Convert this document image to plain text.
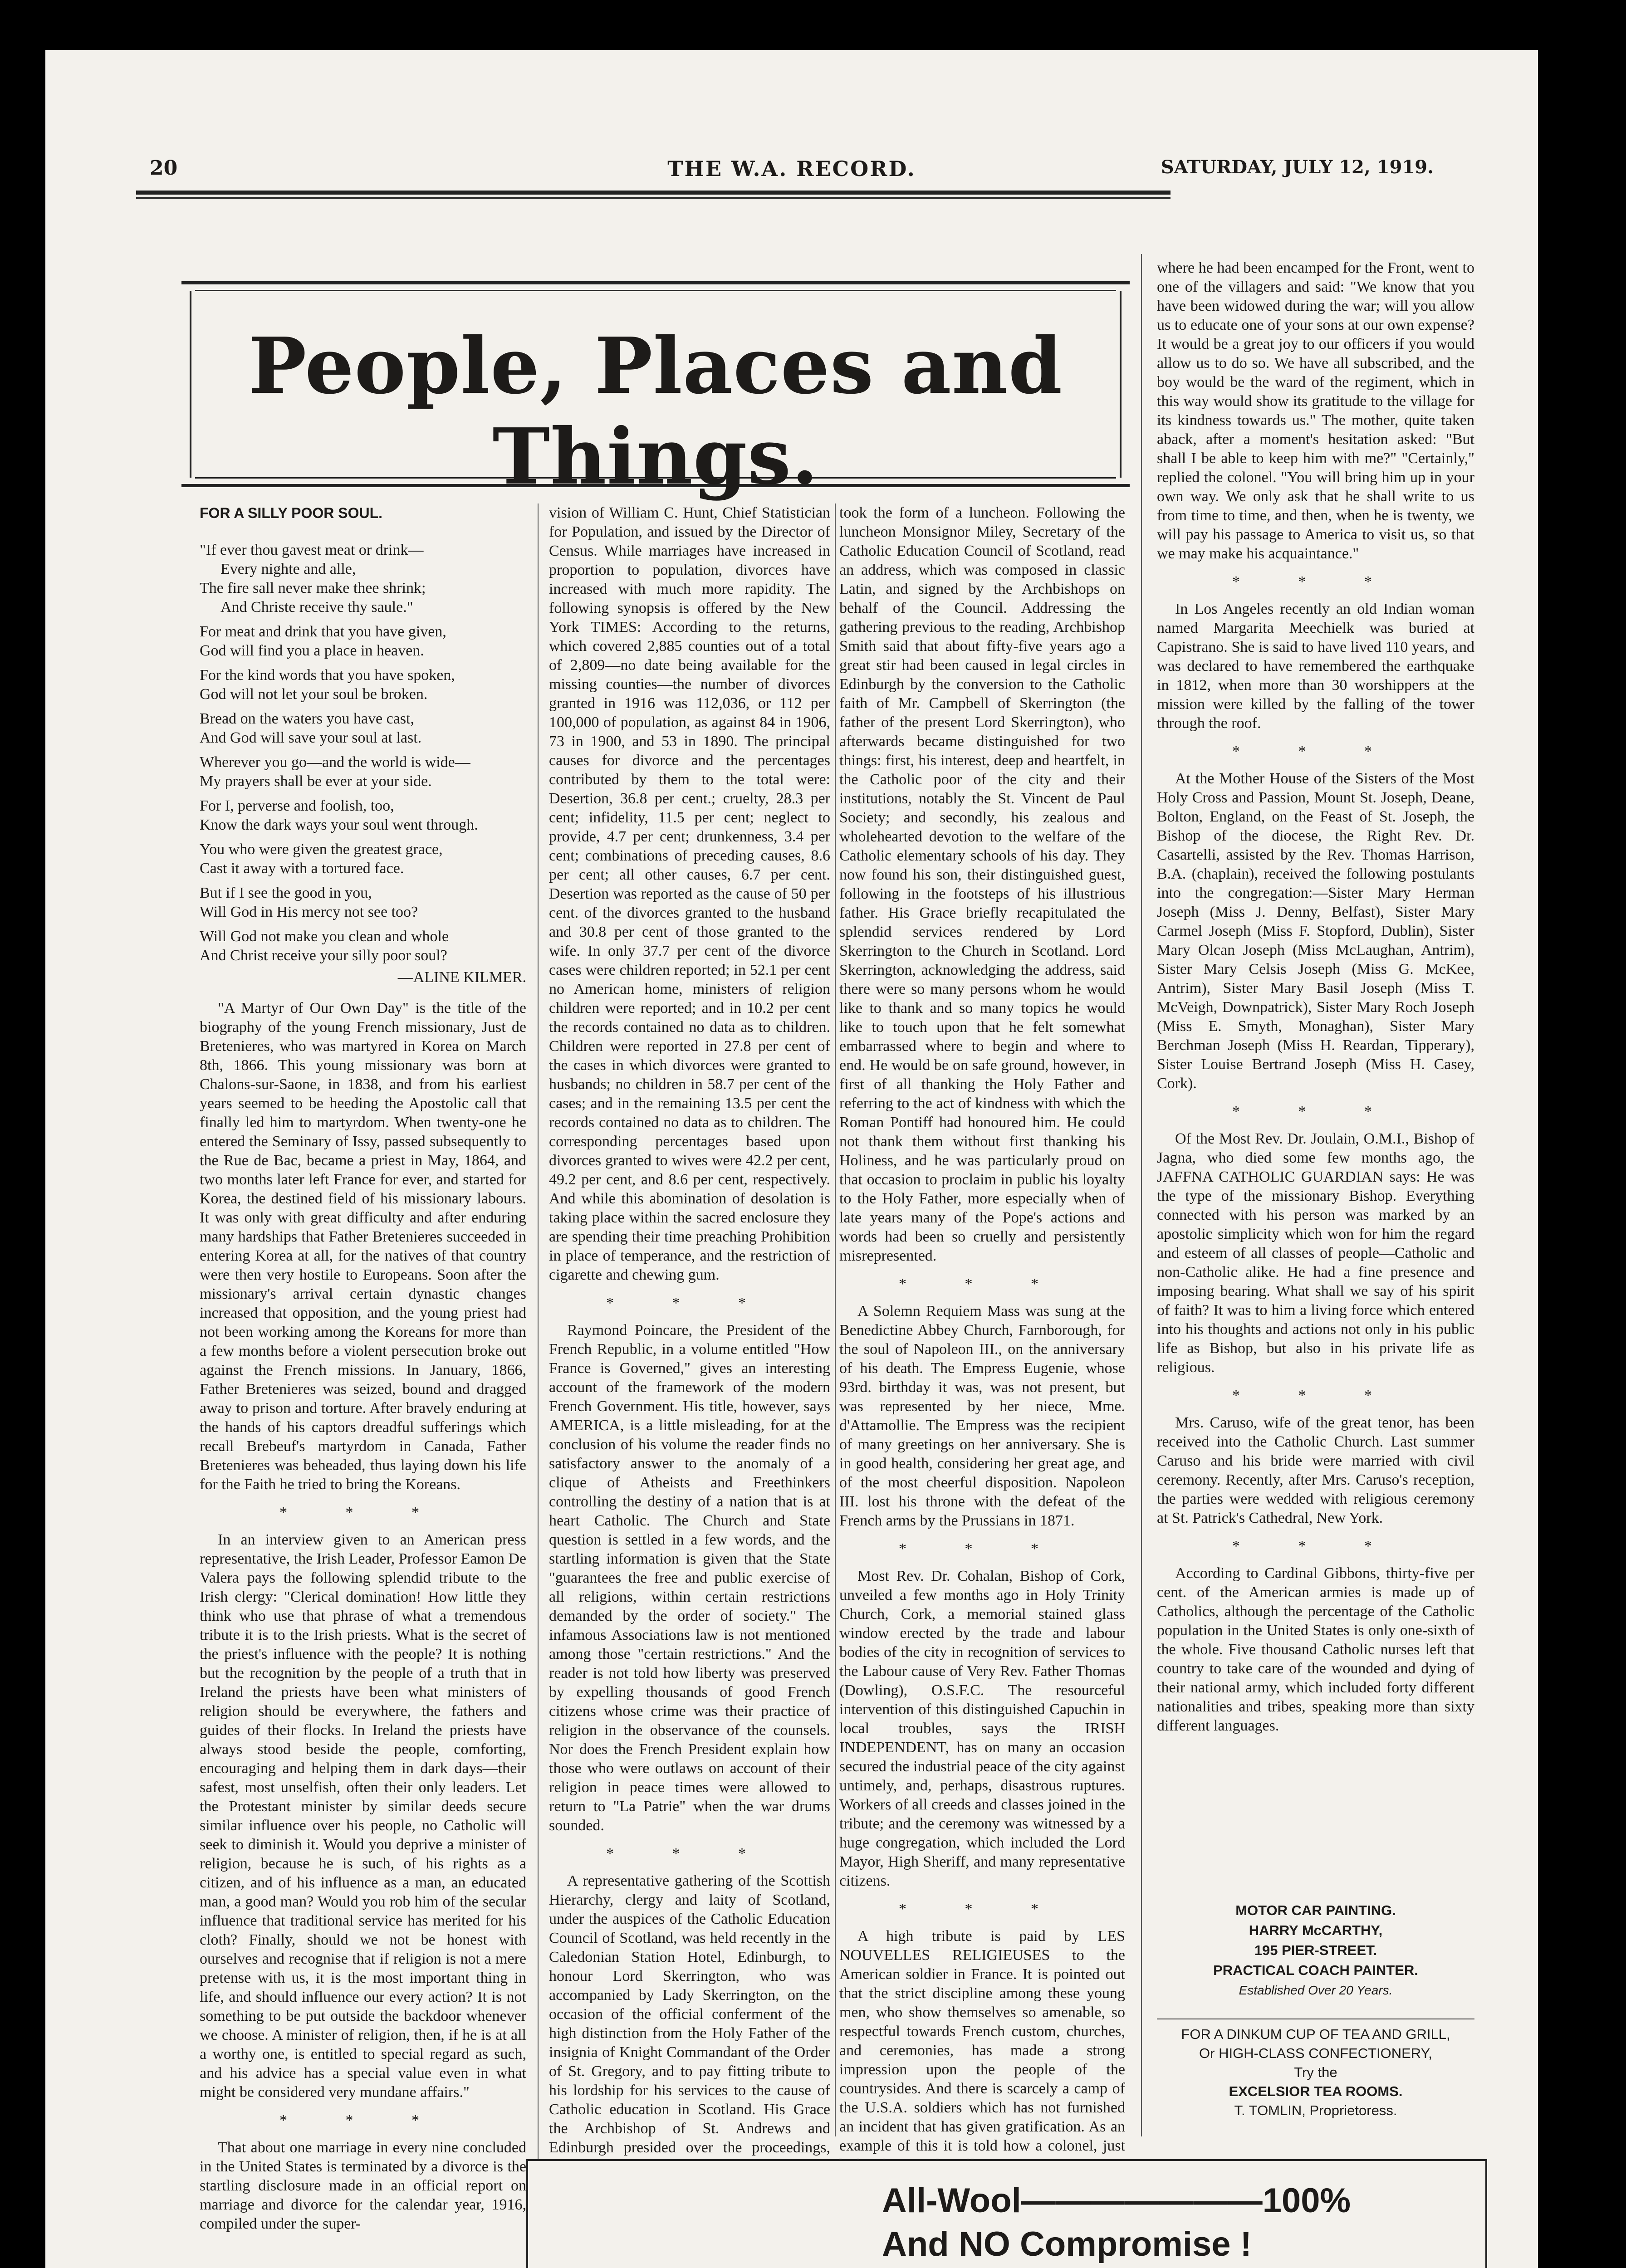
20	THE W.A. RECORD.	SATURDAY, JULY 12, 1919.
People, Places and Things.
FOR A SILLY POOR SOUL.
"If ever thou gavest meat or drink—
Every nighte and alle,
The fire sall never make thee shrink;
And Christe receive thy saule."
For meat and drink that you have given,
God will find you a place in heaven.
For the kind words that you have spoken,
God will not let your soul be broken.
Bread on the waters you have cast,
And God will save your soul at last.
Wherever you go—and the world is wide—
My prayers shall be ever at your side.
For I, perverse and foolish, too,
Know the dark ways your soul went through.
You who were given the greatest grace,
Cast it away with a tortured face.
But if I see the good in you,
Will God in His mercy not see too?
Will God not make you clean and whole
And Christ receive your silly poor soul?
—ALINE KILMER.

"A Martyr of Our Own Day" is the title of the biography of the young French missionary, Just de Bretenieres, who was martyred in Korea on March 8th, 1866. This young missionary was born at Chalons-sur-Saone, in 1838, and from his earliest years seemed to be heeding the Apostolic call that finally led him to martyrdom. When twenty-one he entered the Seminary of Issy, passed subsequently to the Rue de Bac, became a priest in May, 1864, and two months later left France for ever, and started for Korea, the destined field of his missionary labours. It was only with great difficulty and after enduring many hardships that Father Bretenieres succeeded in entering Korea at all, for the natives of that country were then very hostile to Europeans. Soon after the missionary's arrival certain dynastic changes increased that opposition, and the young priest had not been working among the Koreans for more than a few months before a violent persecution broke out against the French missions. In January, 1866, Father Bretenieres was seized, bound and dragged away to prison and torture. After bravely enduring at the hands of his captors dreadful sufferings which recall Brebeuf's martyrdom in Canada, Father Bretenieres was beheaded, thus laying down his life for the Faith he tried to bring the Koreans.

* * *

In an interview given to an American press representative, the Irish Leader, Professor Eamon De Valera pays the following splendid tribute to the Irish clergy: "Clerical domination! How little they think who use that phrase of what a tremendous tribute it is to the Irish priests. What is the secret of the priest's influence with the people? It is nothing but the recognition by the people of a truth that in Ireland the priests have been what ministers of religion should be everywhere, the fathers and guides of their flocks. In Ireland the priests have always stood beside the people, comforting, encouraging and helping them in dark days—their safest, most unselfish, often their only leaders. Let the Protestant minister by similar deeds secure similar influence over his people, no Catholic will seek to diminish it. Would you deprive a minister of religion, because he is such, of his rights as a citizen, and of his influence as a man, an educated man, a good man? Would you rob him of the secular influence that traditional service has merited for his cloth? Finally, should we not be honest with ourselves and recognise that if religion is not a mere pretense with us, it is the most important thing in life, and should influence our every action? It is not something to be put outside the backdoor whenever we choose. A minister of religion, then, if he is at all a worthy one, is entitled to special regard as such, and his advice has a special value even in what might be considered very mundane affairs."

* * *

That about one marriage in every nine concluded in the United States is terminated by a divorce is the startling disclosure made in an official report on marriage and divorce for the calendar year, 1916, compiled under the super-

vision of William C. Hunt, Chief Statistician for Population, and issued by the Director of Census. While marriages have increased in proportion to population, divorces have increased with much more rapidity. The following synopsis is offered by the New York TIMES: According to the returns, which covered 2,885 counties out of a total of 2,809—no date being available for the missing counties—the number of divorces granted in 1916 was 112,036, or 112 per 100,000 of population, as against 84 in 1906, 73 in 1900, and 53 in 1890. The principal causes for divorce and the percentages contributed by them to the total were: Desertion, 36.8 per cent.; cruelty, 28.3 per cent; infidelity, 11.5 per cent; neglect to provide, 4.7 per cent; drunkenness, 3.4 per cent; combinations of preceding causes, 8.6 per cent; all other causes, 6.7 per cent. Desertion was reported as the cause of 50 per cent. of the divorces granted to the husband and 30.8 per cent of those granted to the wife. In only 37.7 per cent of the divorce cases were children reported; in 52.1 per cent no American home, ministers of religion children were reported; and in 10.2 per cent the records contained no data as to children. Children were reported in 27.8 per cent of the cases in which divorces were granted to husbands; no children in 58.7 per cent of the cases; and in the remaining 13.5 per cent the records contained no data as to children. The corresponding percentages based upon divorces granted to wives were 42.2 per cent, 49.2 per cent, and 8.6 per cent, respectively. And while this abomination of desolation is taking place within the sacred enclosure they are spending their time preaching Prohibition in place of temperance, and the restriction of cigarette and chewing gum.

* * *

Raymond Poincare, the President of the French Republic, in a volume entitled "How France is Governed," gives an interesting account of the framework of the modern French Government. His title, however, says AMERICA, is a little misleading, for at the conclusion of his volume the reader finds no satisfactory answer to the anomaly of a clique of Atheists and Freethinkers controlling the destiny of a nation that is at heart Catholic. The Church and State question is settled in a few words, and the startling information is given that the State "guarantees the free and public exercise of all religions, within certain restrictions demanded by the order of society." The infamous Associations law is not mentioned among those "certain restrictions." And the reader is not told how liberty was preserved by expelling thousands of good French citizens whose crime was their practice of religion in the observance of the counsels. Nor does the French President explain how those who were outlaws on account of their religion in peace times were allowed to return to "La Patrie" when the war drums sounded.

* * *

A representative gathering of the Scottish Hierarchy, clergy and laity of Scotland, under the auspices of the Catholic Education Council of Scotland, was held recently in the Caledonian Station Hotel, Edinburgh, to honour Lord Skerrington, who was accompanied by Lady Skerrington, on the occasion of the official conferment of the high distinction from the Holy Father of the insignia of Knight Commandant of the Order of St. Gregory, and to pay fitting tribute to his lordship for his services to the cause of Catholic education in Scotland. His Grace the Archbishop of St. Andrews and Edinburgh presided over the proceedings,

took the form of a luncheon. Following the luncheon Monsignor Miley, Secretary of the Catholic Education Council of Scotland, read an address, which was composed in classic Latin, and signed by the Archbishops on behalf of the Council. Addressing the gathering previous to the reading, Archbishop Smith said that about fifty-five years ago a great stir had been caused in legal circles in Edinburgh by the conversion to the Catholic faith of Mr. Campbell of Skerrington (the father of the present Lord Skerrington), who afterwards became distinguished for two things: first, his interest, deep and heartfelt, in the Catholic poor of the city and their institutions, notably the St. Vincent de Paul Society; and secondly, his zealous and wholehearted devotion to the welfare of the Catholic elementary schools of his day. They now found his son, their distinguished guest, following in the footsteps of his illustrious father. His Grace briefly recapitulated the splendid services rendered by Lord Skerrington to the Church in Scotland. Lord Skerrington, acknowledging the address, said there were so many persons whom he would like to thank and so many topics he would like to touch upon that he felt somewhat embarrassed where to begin and where to end. He would be on safe ground, however, in first of all thanking the Holy Father and referring to the act of kindness with which the Roman Pontiff had honoured him. He could not thank them without first thanking his Holiness, and he was particularly proud on that occasion to proclaim in public his loyalty to the Holy Father, more especially when of late years many of the Pope's actions and words had been so cruelly and persistently misrepresented.

* * *

A Solemn Requiem Mass was sung at the Benedictine Abbey Church, Farnborough, for the soul of Napoleon III., on the anniversary of his death. The Empress Eugenie, whose 93rd. birthday it was, was not present, but was represented by her niece, Mme. d'Attamollie. The Empress was the recipient of many greetings on her anniversary. She is in good health, considering her great age, and of the most cheerful disposition. Napoleon III. lost his throne with the defeat of the French arms by the Prussians in 1871.

* * *

Most Rev. Dr. Cohalan, Bishop of Cork, unveiled a few months ago in Holy Trinity Church, Cork, a memorial stained glass window erected by the trade and labour bodies of the city in recognition of services to the Labour cause of Very Rev. Father Thomas (Dowling), O.S.F.C. The resourceful intervention of this distinguished Capuchin in local troubles, says the IRISH INDEPENDENT, has on many an occasion secured the industrial peace of the city against untimely, and, perhaps, disastrous ruptures. Workers of all creeds and classes joined in the tribute; and the ceremony was witnessed by a huge congregation, which included the Lord Mayor, High Sheriff, and many representative citizens.

* * *

A high tribute is paid by LES NOUVELLES RELIGIEUSES to the American soldier in France. It is pointed out that the strict discipline among these young men, who show themselves so amenable, so respectful towards French custom, churches, and ceremonies, has made a strong impression upon the people of the countrysides. And there is scarcely a camp of the U.S.A. soldiers which has not furnished an incident that has given gratification. As an example of this it is told how a colonel, just

where he had been encamped for the Front, went to one of the villagers and said: "We know that you have been widowed during the war; will you allow us to educate one of your sons at our own expense? It would be a great joy to our officers if you would allow us to do so. We have all subscribed, and the boy would be the ward of the regiment, which in this way would show its gratitude to the village for its kindness towards us." The mother, quite taken aback, after a moment's hesitation asked: "But shall I be able to keep him with me?" "Certainly," replied the colonel. "You will bring him up in your own way. We only ask that he shall write to us from time to time, and then, when he is twenty, we will pay his passage to America to visit us, so that we may make his acquaintance."

* * *

In Los Angeles recently an old Indian woman named Margarita Meechielk was buried at Capistrano. She is said to have lived 110 years, and was declared to have remembered the earthquake in 1812, when more than 30 worshippers at the mission were killed by the falling of the tower through the roof.

* * *

At the Mother House of the Sisters of the Most Holy Cross and Passion, Mount St. Joseph, Deane, Bolton, England, on the Feast of St. Joseph, the Bishop of the diocese, the Right Rev. Dr. Casartelli, assisted by the Rev. Thomas Harrison, B.A. (chaplain), received the following postulants into the congregation:—Sister Mary Herman Joseph (Miss J. Denny, Belfast), Sister Mary Carmel Joseph (Miss F. Stopford, Dublin), Sister Mary Olcan Joseph (Miss McLaughan, Antrim), Sister Mary Celsis Joseph (Miss G. McKee, Antrim), Sister Mary Basil Joseph (Miss T. McVeigh, Downpatrick), Sister Mary Roch Joseph (Miss E. Smyth, Monaghan), Sister Mary Berchman Joseph (Miss H. Reardan, Tipperary), Sister Louise Bertrand Joseph (Miss H. Casey, Cork).

* * *

Of the Most Rev. Dr. Joulain, O.M.I., Bishop of Jagna, who died some few months ago, the JAFFNA CATHOLIC GUARDIAN says: He was the type of the missionary Bishop. Everything connected with his person was marked by an apostolic simplicity which won for him the regard and esteem of all classes of people—Catholic and non-Catholic alike. He had a fine presence and imposing bearing. What shall we say of his spirit of faith? It was to him a living force which entered into his thoughts and actions not only in his public life as Bishop, but also in his private life as religious.

* * *

Mrs. Caruso, wife of the great tenor, has been received into the Catholic Church. Last summer Caruso and his bride were married with civil ceremony. Recently, after Mrs. Caruso's reception, the parties were wedded with religious ceremony at St. Patrick's Cathedral, New York.

* * *

According to Cardinal Gibbons, thirty-five per cent. of the American armies is made up of Catholics, although the percentage of the Catholic population in the United States is only one-sixth of the whole. Five thousand Catholic nurses left that country to take care of the wounded and dying of their national army, which included forty different nationalities and tribes, speaking more than sixty different languages.

MOTOR CAR PAINTING.
HARRY McCARTHY,
195 PIER-STREET.
PRACTICAL COACH PAINTER.
Established Over 20 Years.
FOR A DINKUM CUP OF TEA AND GRILL,
Or HIGH-CLASS CONFECTIONERY,
Try the
EXCELSIOR TEA ROOMS.
T. TOMLIN, Proprietoress.
All-Wool———————100%
And NO Compromise !
